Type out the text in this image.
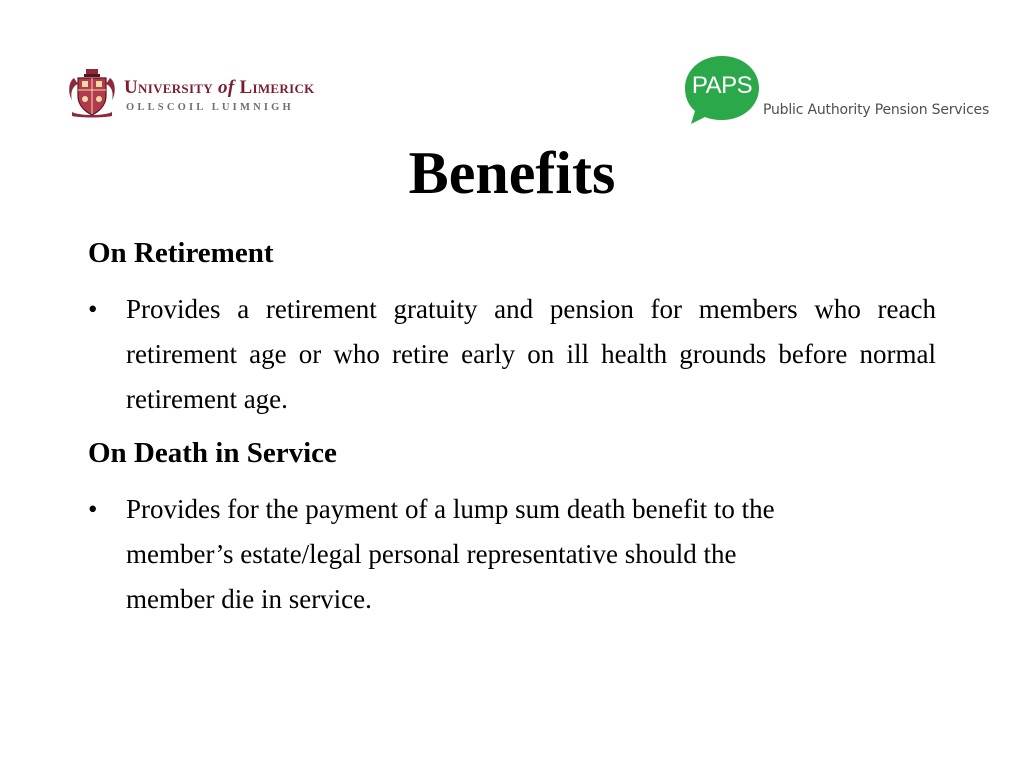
University of Limerick
OLLSCOIL LUIMNIGH
PAPS
Public Authority Pension Services
Benefits
On Retirement
• Provides a retirement gratuity and pension for members who reach retirement age or who retire early on ill health grounds before normal retirement age.
On Death in Service
• Provides for the payment of a lump sum death benefit to the
member’s estate/legal personal representative should the
member die in service.
